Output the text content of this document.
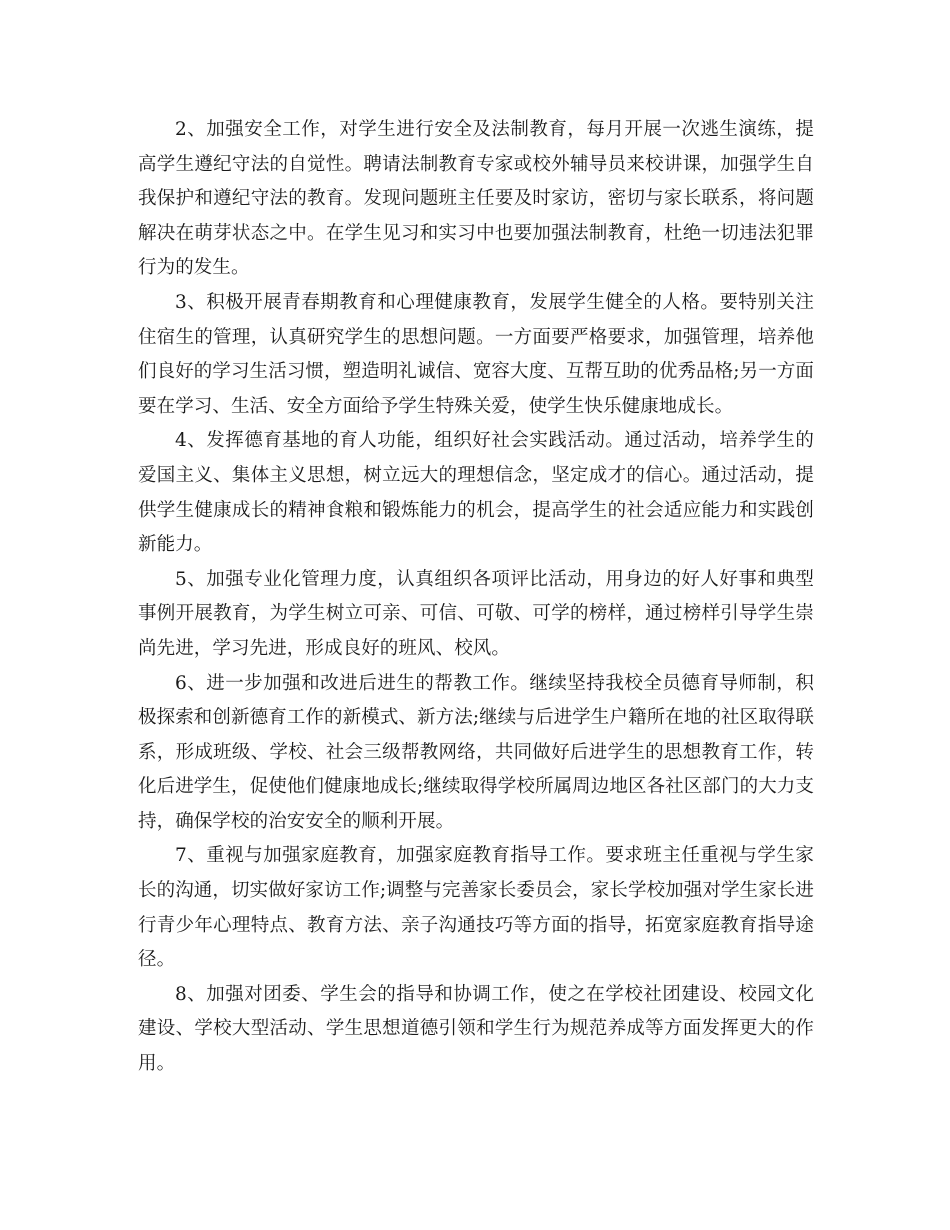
2、加强安全工作，对学生进行安全及法制教育，每月开展一次逃生演练，提高学生遵纪守法的自觉性。聘请法制教育专家或校外辅导员来校讲课，加强学生自我保护和遵纪守法的教育。发现问题班主任要及时家访，密切与家长联系，将问题解决在萌芽状态之中。在学生见习和实习中也要加强法制教育，杜绝一切违法犯罪行为的发生。

3、积极开展青春期教育和心理健康教育，发展学生健全的人格。要特别关注住宿生的管理，认真研究学生的思想问题。一方面要严格要求，加强管理，培养他们良好的学习生活习惯，塑造明礼诚信、宽容大度、互帮互助的优秀品格;另一方面要在学习、生活、安全方面给予学生特殊关爱，使学生快乐健康地成长。

4、发挥德育基地的育人功能，组织好社会实践活动。通过活动，培养学生的爱国主义、集体主义思想，树立远大的理想信念，坚定成才的信心。通过活动，提供学生健康成长的精神食粮和锻炼能力的机会，提高学生的社会适应能力和实践创新能力。

5、加强专业化管理力度，认真组织各项评比活动，用身边的好人好事和典型事例开展教育，为学生树立可亲、可信、可敬、可学的榜样，通过榜样引导学生崇尚先进，学习先进，形成良好的班风、校风。

6、进一步加强和改进后进生的帮教工作。继续坚持我校全员德育导师制，积极探索和创新德育工作的新模式、新方法;继续与后进学生户籍所在地的社区取得联系，形成班级、学校、社会三级帮教网络，共同做好后进学生的思想教育工作，转化后进学生，促使他们健康地成长;继续取得学校所属周边地区各社区部门的大力支持，确保学校的治安安全的顺利开展。

7、重视与加强家庭教育，加强家庭教育指导工作。要求班主任重视与学生家长的沟通，切实做好家访工作;调整与完善家长委员会，家长学校加强对学生家长进行青少年心理特点、教育方法、亲子沟通技巧等方面的指导，拓宽家庭教育指导途径。

8、加强对团委、学生会的指导和协调工作，使之在学校社团建设、校园文化建设、学校大型活动、学生思想道德引领和学生行为规范养成等方面发挥更大的作用。
